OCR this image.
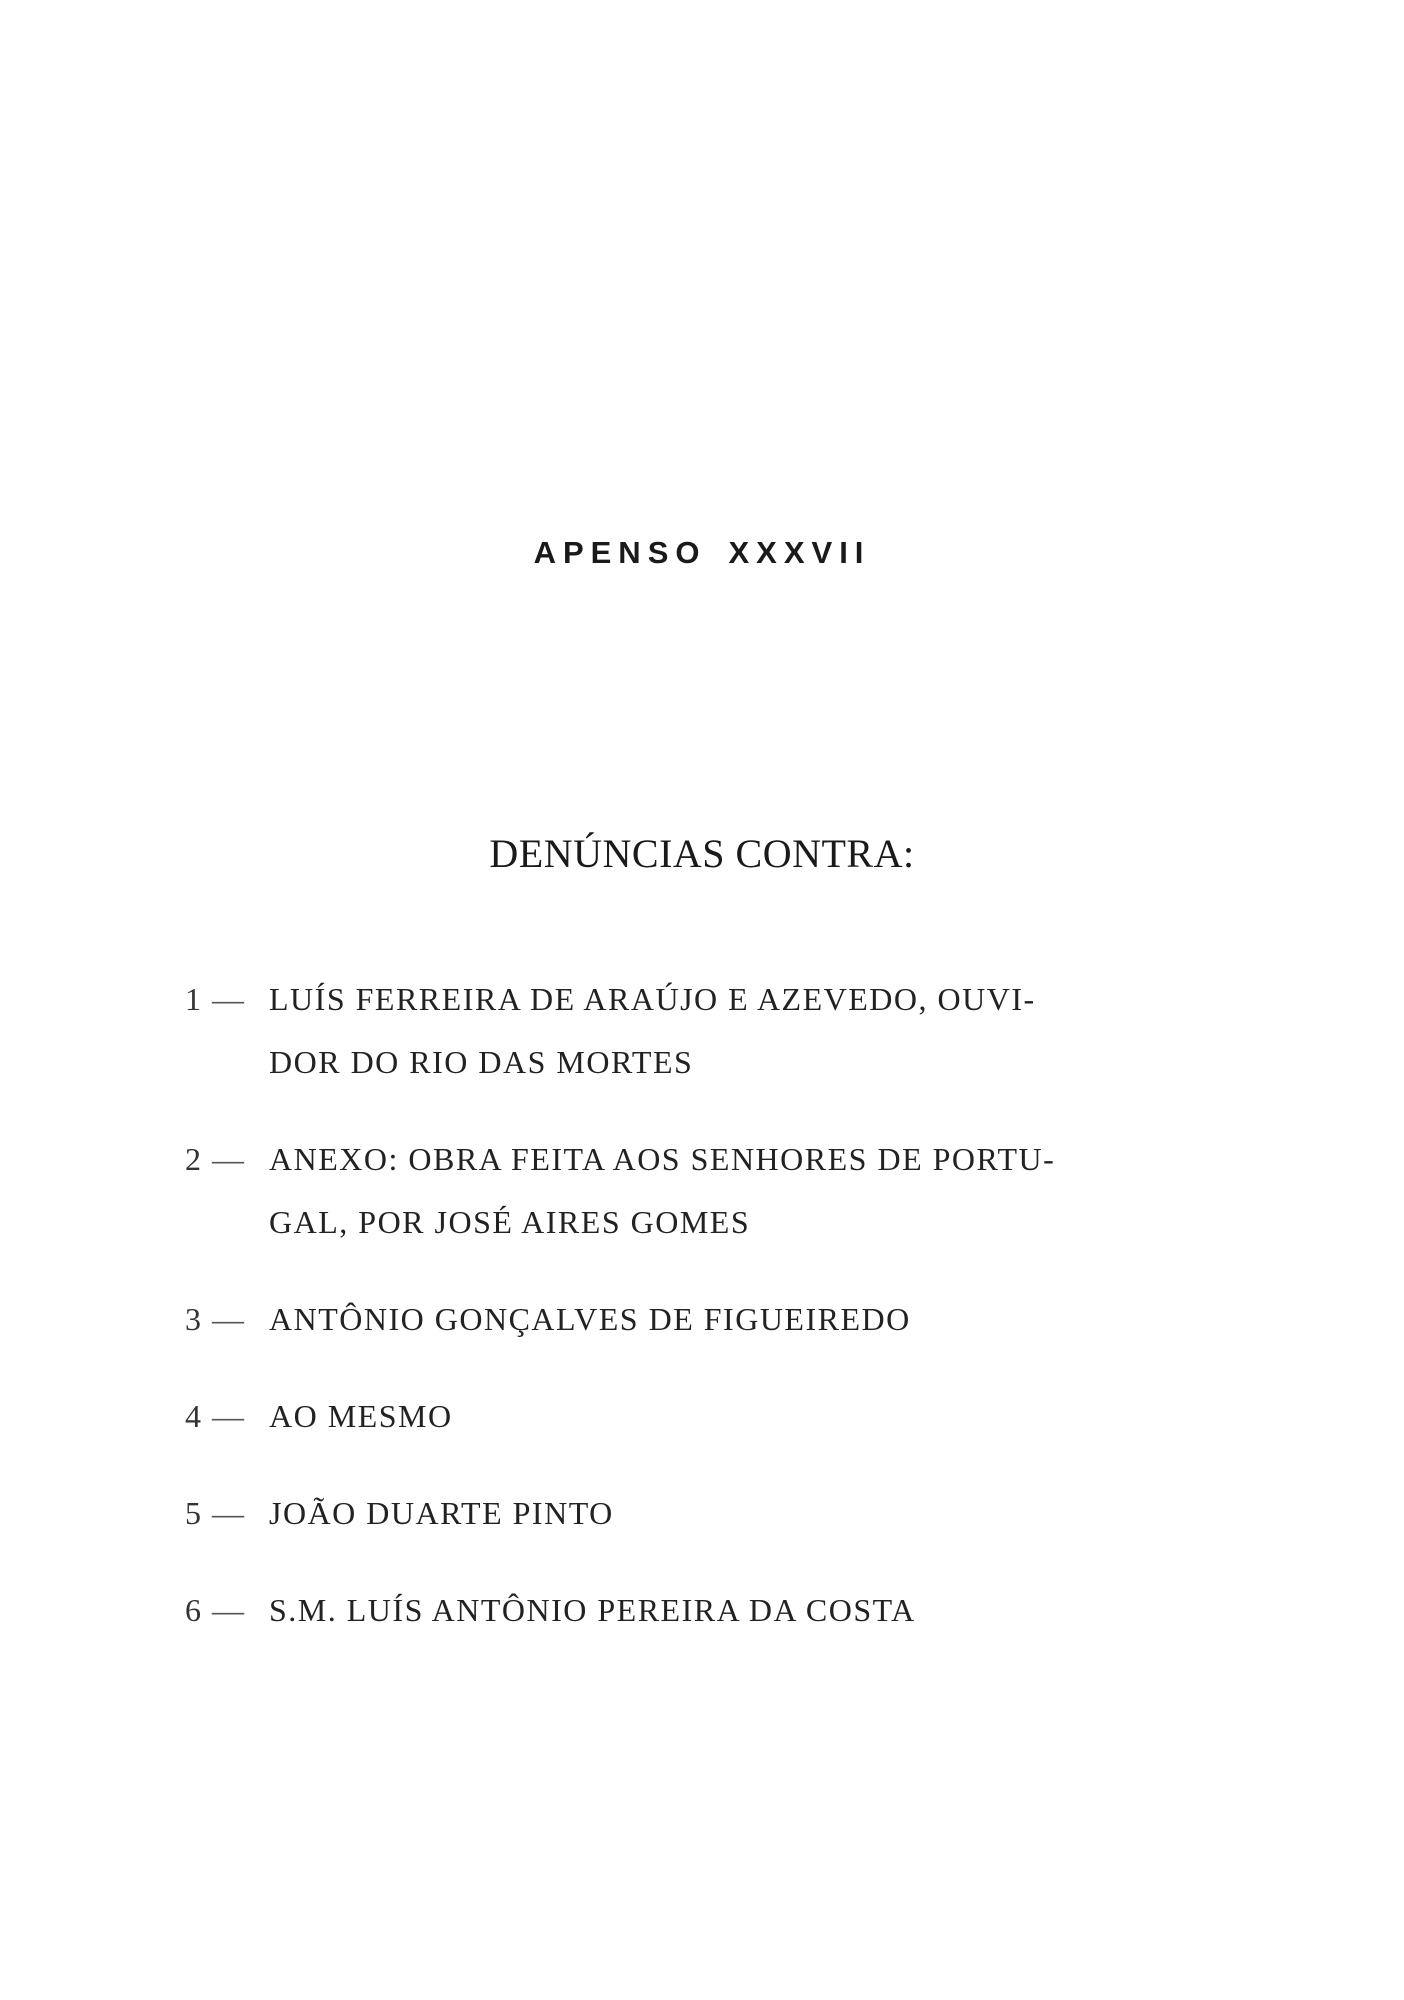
APENSO XXXVII
DENÚNCIAS CONTRA:
1 — LUÍS FERREIRA DE ARAÚJO E AZEVEDO, OUVI-
DOR DO RIO DAS MORTES
2 — ANEXO: OBRA FEITA AOS SENHORES DE PORTU-
GAL, POR JOSÉ AIRES GOMES
3 — ANTÔNIO GONÇALVES DE FIGUEIREDO
4 — AO MESMO
5 — JOÃO DUARTE PINTO
6 — S.M. LUÍS ANTÔNIO PEREIRA DA COSTA
